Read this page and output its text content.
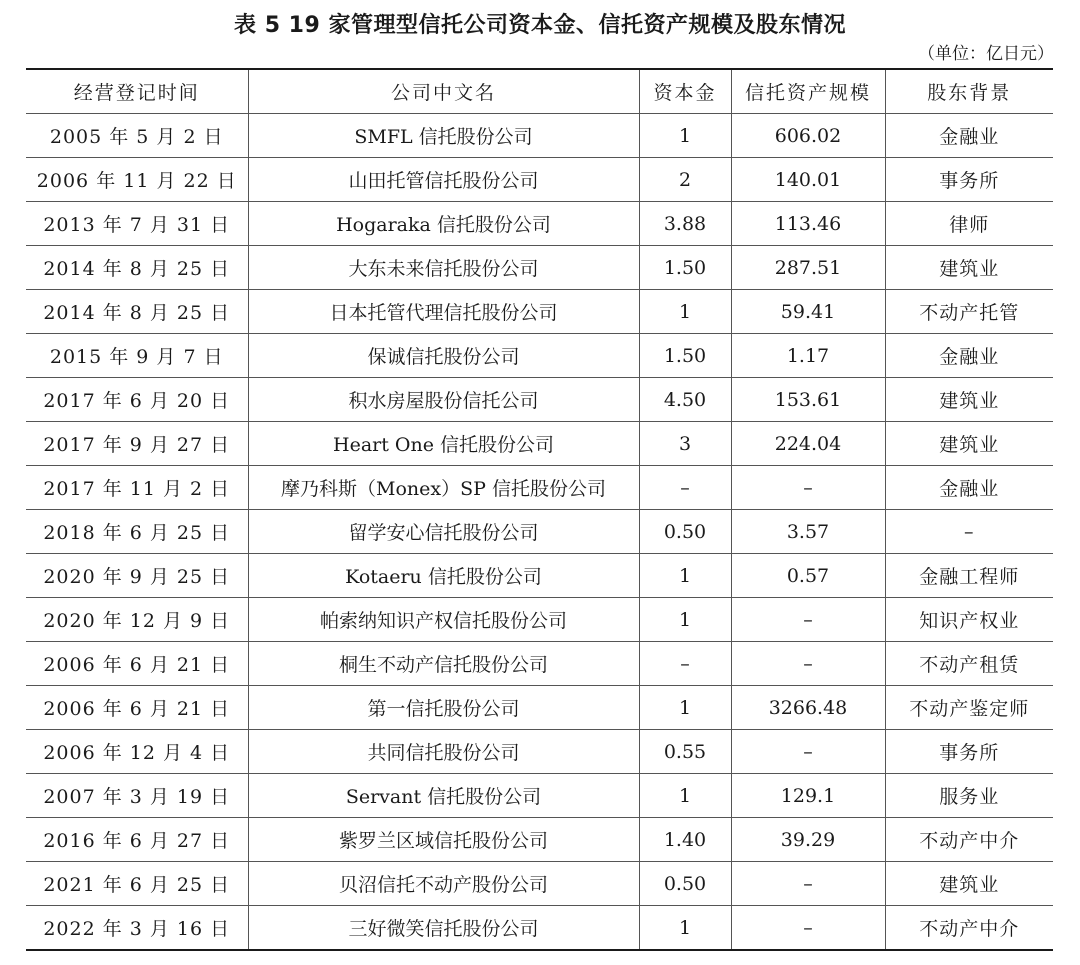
表 5 19 家管理型信托公司资本金、信托资产规模及股东情况
（单位：亿日元）
经营登记时间	公司中文名	资本金	信托资产规模	股东背景
2005 年 5 月 2 日	SMFL 信托股份公司	1	606.02	金融业
2006 年 11 月 22 日	山田托管信托股份公司	2	140.01	事务所
2013 年 7 月 31 日	Hogaraka 信托股份公司	3.88	113.46	律师
2014 年 8 月 25 日	大东未来信托股份公司	1.50	287.51	建筑业
2014 年 8 月 25 日	日本托管代理信托股份公司	1	59.41	不动产托管
2015 年 9 月 7 日	保诚信托股份公司	1.50	1.17	金融业
2017 年 6 月 20 日	积水房屋股份信托公司	4.50	153.61	建筑业
2017 年 9 月 27 日	Heart One 信托股份公司	3	224.04	建筑业
2017 年 11 月 2 日	摩乃科斯（Monex）SP 信托股份公司	–	–	金融业
2018 年 6 月 25 日	留学安心信托股份公司	0.50	3.57	–
2020 年 9 月 25 日	Kotaeru 信托股份公司	1	0.57	金融工程师
2020 年 12 月 9 日	帕索纳知识产权信托股份公司	1	–	知识产权业
2006 年 6 月 21 日	桐生不动产信托股份公司	–	–	不动产租赁
2006 年 6 月 21 日	第一信托股份公司	1	3266.48	不动产鉴定师
2006 年 12 月 4 日	共同信托股份公司	0.55	–	事务所
2007 年 3 月 19 日	Servant 信托股份公司	1	129.1	服务业
2016 年 6 月 27 日	紫罗兰区域信托股份公司	1.40	39.29	不动产中介
2021 年 6 月 25 日	贝沼信托不动产股份公司	0.50	–	建筑业
2022 年 3 月 16 日	三好微笑信托股份公司	1	–	不动产中介
